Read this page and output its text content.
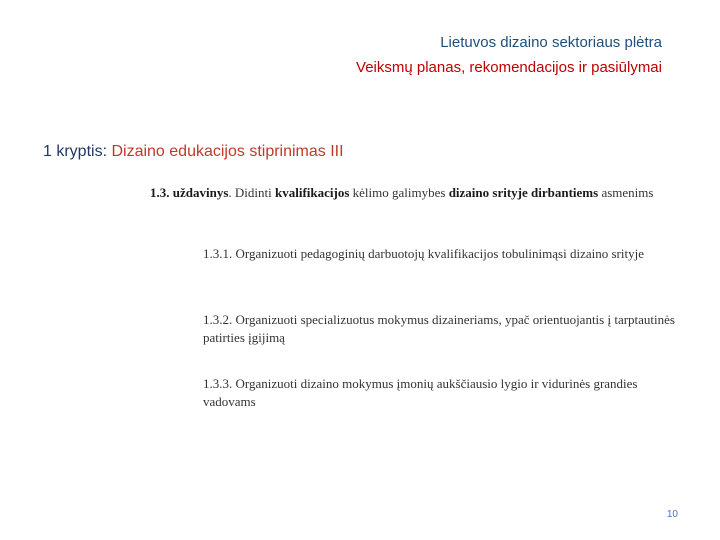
Lietuvos dizaino sektoriaus plėtra
Veiksmų planas, rekomendacijos ir pasiūlymai
1 kryptis: Dizaino edukacijos stiprinimas III
1.3. uždavinys. Didinti kvalifikacijos kėlimo galimybes dizaino srityje dirbantiems asmenims
1.3.1. Organizuoti pedagoginių darbuotojų kvalifikacijos tobulinimąsi dizaino srityje
1.3.2. Organizuoti specializuotus mokymus dizaineriams, ypač orientuojantis į tarptautinės patirties įgijimą
1.3.3. Organizuoti dizaino mokymus įmonių aukščiausio lygio ir vidurinės grandies vadovams
10
